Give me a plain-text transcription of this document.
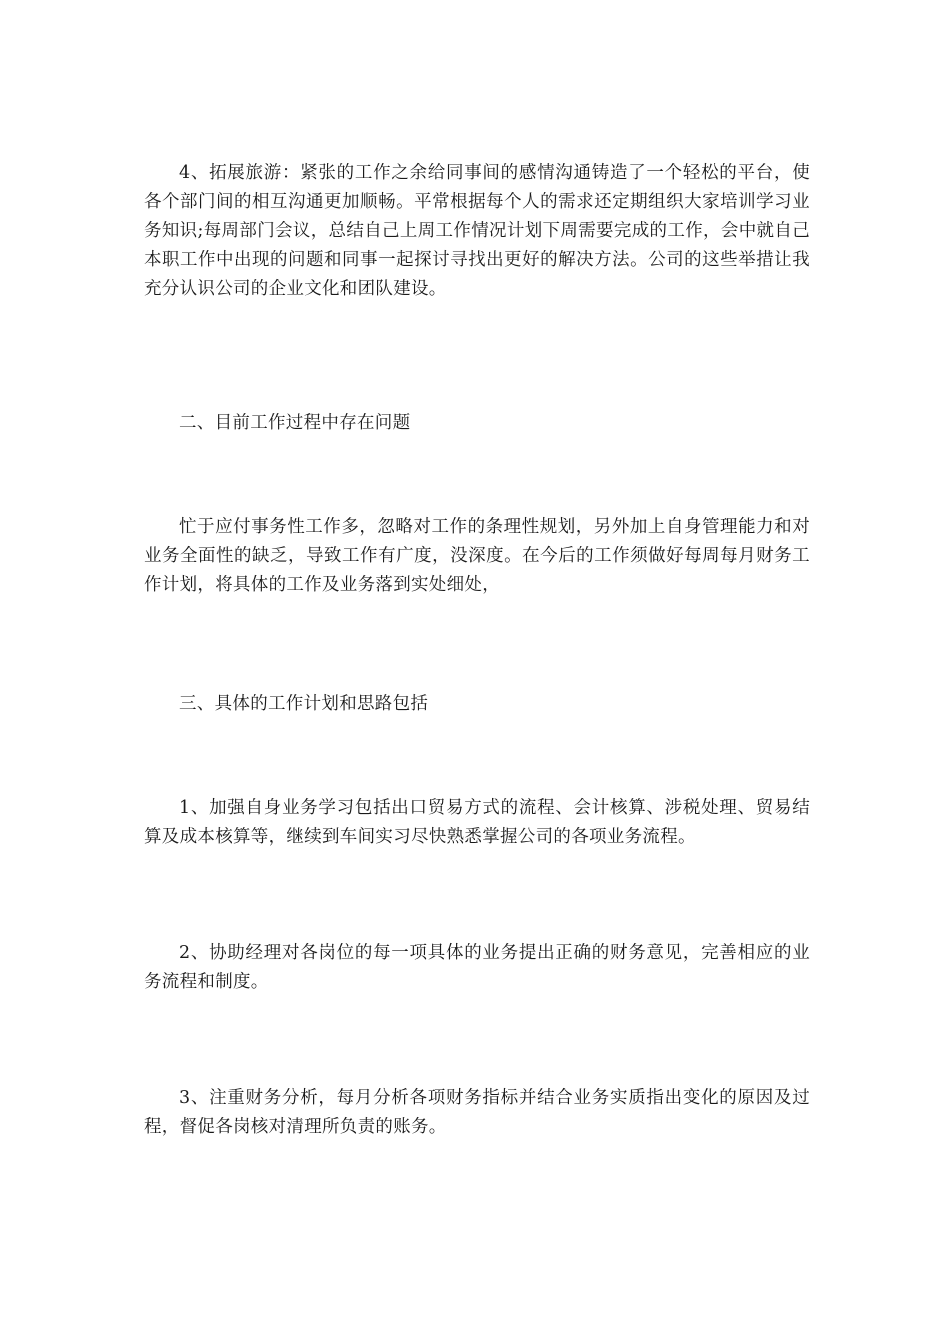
4、拓展旅游：紧张的工作之余给同事间的感情沟通铸造了一个轻松的平台，使各个部门间的相互沟通更加顺畅。平常根据每个人的需求还定期组织大家培训学习业务知识;每周部门会议，总结自己上周工作情况计划下周需要完成的工作，会中就自己本职工作中出现的问题和同事一起探讨寻找出更好的解决方法。公司的这些举措让我充分认识公司的企业文化和团队建设。

二、目前工作过程中存在问题

忙于应付事务性工作多，忽略对工作的条理性规划，另外加上自身管理能力和对业务全面性的缺乏，导致工作有广度，没深度。在今后的工作须做好每周每月财务工作计划，将具体的工作及业务落到实处细处，

三、具体的工作计划和思路包括

1、加强自身业务学习包括出口贸易方式的流程、会计核算、涉税处理、贸易结算及成本核算等，继续到车间实习尽快熟悉掌握公司的各项业务流程。

2、协助经理对各岗位的每一项具体的业务提出正确的财务意见，完善相应的业务流程和制度。

3、注重财务分析，每月分析各项财务指标并结合业务实质指出变化的原因及过程，督促各岗核对清理所负责的账务。
